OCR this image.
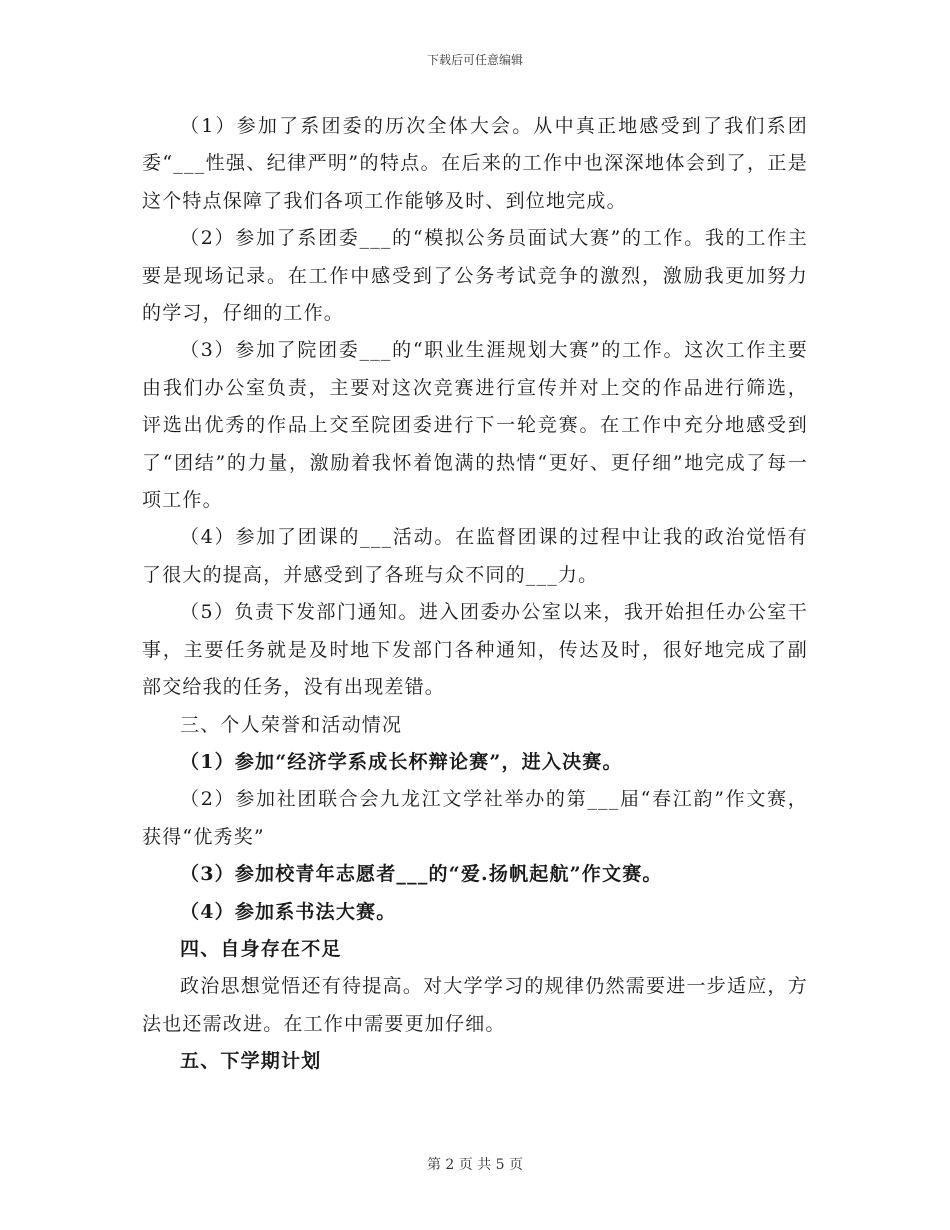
下载后可任意编辑

（1）参加了系团委的历次全体大会。从中真正地感受到了我们系团委“___性强、纪律严明”的特点。在后来的工作中也深深地体会到了，正是这个特点保障了我们各项工作能够及时、到位地完成。

（2）参加了系团委___的“模拟公务员面试大赛”的工作。我的工作主要是现场记录。在工作中感受到了公务考试竞争的激烈，激励我更加努力的学习，仔细的工作。

（3）参加了院团委___的“职业生涯规划大赛”的工作。这次工作主要由我们办公室负责，主要对这次竞赛进行宣传并对上交的作品进行筛选，评选出优秀的作品上交至院团委进行下一轮竞赛。在工作中充分地感受到了“团结”的力量，激励着我怀着饱满的热情“更好、更仔细”地完成了每一项工作。

（4）参加了团课的___活动。在监督团课的过程中让我的政治觉悟有了很大的提高，并感受到了各班与众不同的___力。

（5）负责下发部门通知。进入团委办公室以来，我开始担任办公室干事，主要任务就是及时地下发部门各种通知，传达及时，很好地完成了副部交给我的任务，没有出现差错。

三、个人荣誉和活动情况

（1）参加“经济学系成长杯辩论赛”，进入决赛。

（2）参加社团联合会九龙江文学社举办的第___届“春江韵”作文赛，获得“优秀奖”

（3）参加校青年志愿者___的“爱.扬帆起航”作文赛。

（4）参加系书法大赛。

四、自身存在不足

政治思想觉悟还有待提高。对大学学习的规律仍然需要进一步适应，方法也还需改进。在工作中需要更加仔细。

五、下学期计划

第 2 页 共 5 页
